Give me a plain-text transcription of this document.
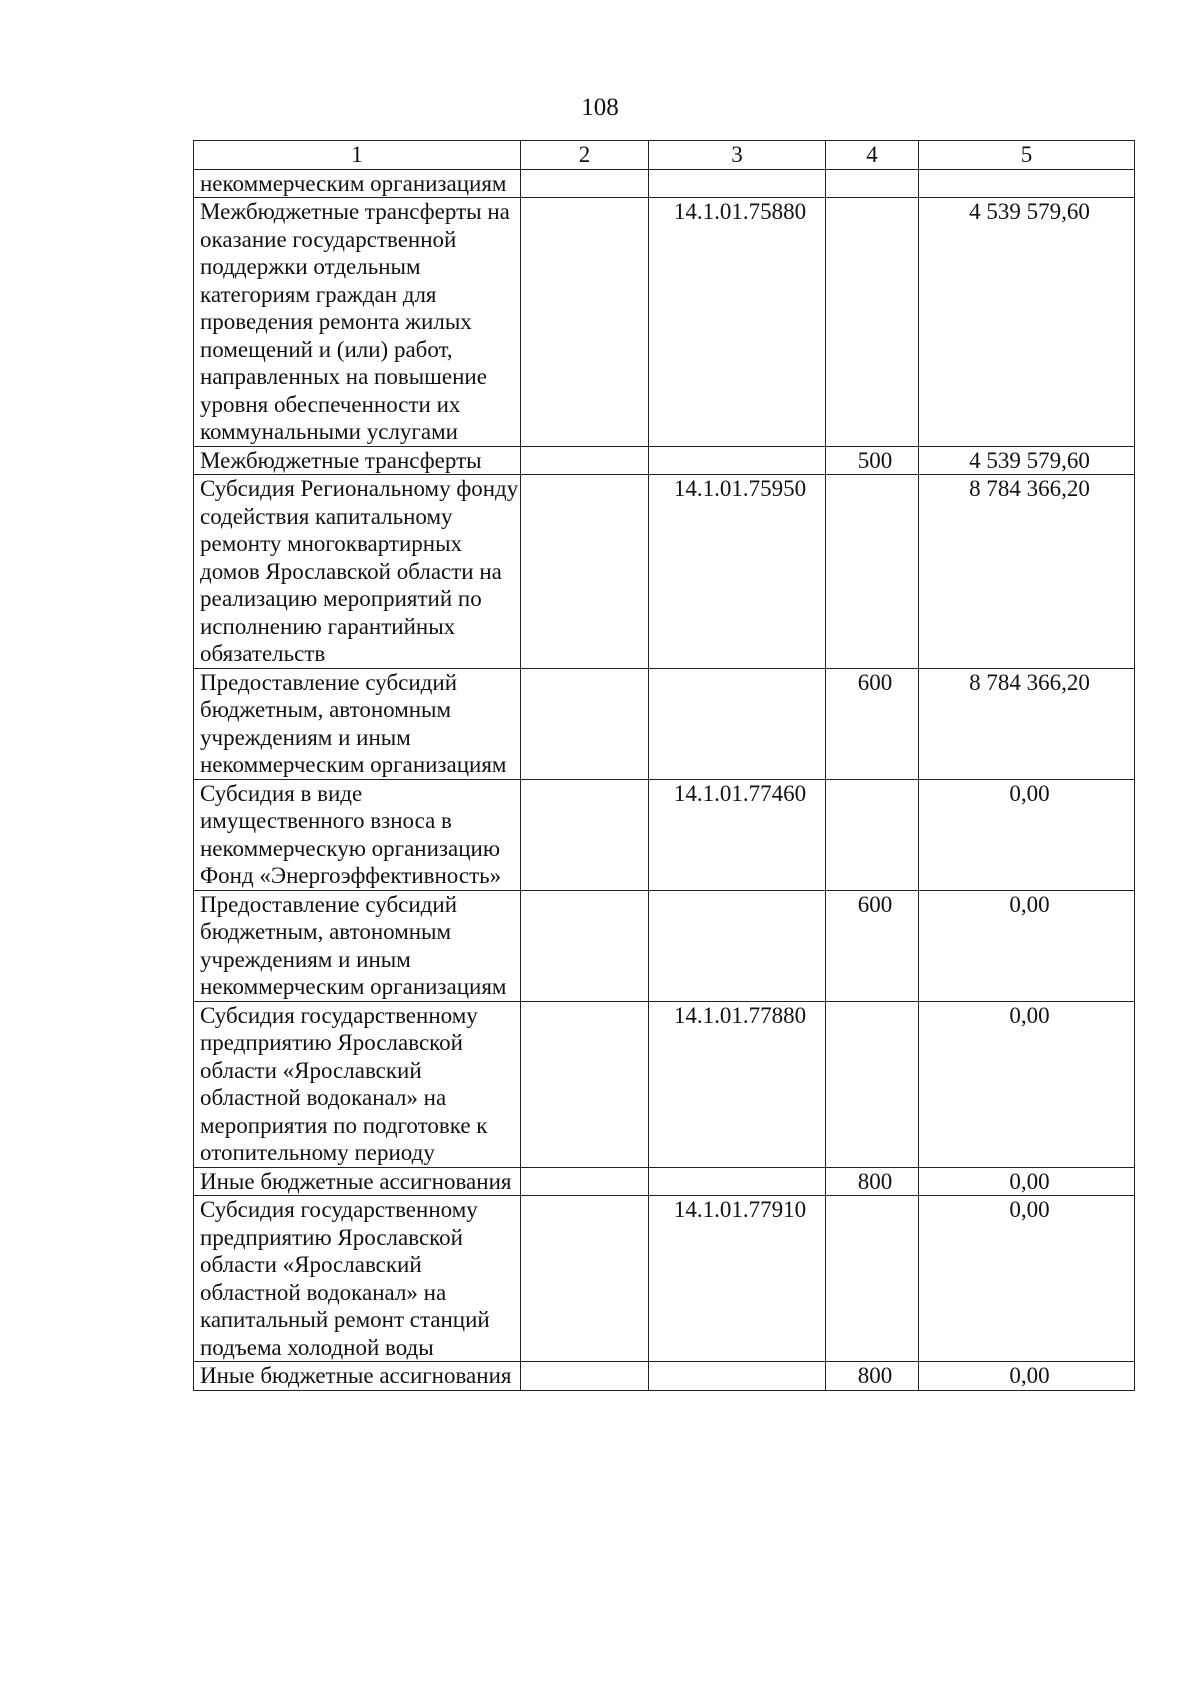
108
1	2	3	4	5
некоммерческим организациям				
Межбюджетные трансферты на оказание государственной поддержки отдельным категориям граждан для проведения ремонта жилых помещений и (или) работ, направленных на повышение уровня обеспеченности их коммунальными услугами		14.1.01.75880		4 539 579,60
Межбюджетные трансферты			500	4 539 579,60
Субсидия Региональному фонду содействия капитальному ремонту многоквартирных домов Ярославской области на реализацию мероприятий по исполнению гарантийных обязательств		14.1.01.75950		8 784 366,20
Предоставление субсидий бюджетным, автономным учреждениям и иным некоммерческим организациям			600	8 784 366,20
Субсидия в виде имущественного взноса в некоммерческую организацию Фонд «Энергоэффективность»		14.1.01.77460		0,00
Предоставление субсидий бюджетным, автономным учреждениям и иным некоммерческим организациям			600	0,00
Субсидия государственному предприятию Ярославской области «Ярославский областной водоканал» на мероприятия по подготовке к отопительному периоду		14.1.01.77880		0,00
Иные бюджетные ассигнования			800	0,00
Субсидия государственному предприятию Ярославской области «Ярославский областной водоканал» на капитальный ремонт станций подъема холодной воды		14.1.01.77910		0,00
Иные бюджетные ассигнования			800	0,00
